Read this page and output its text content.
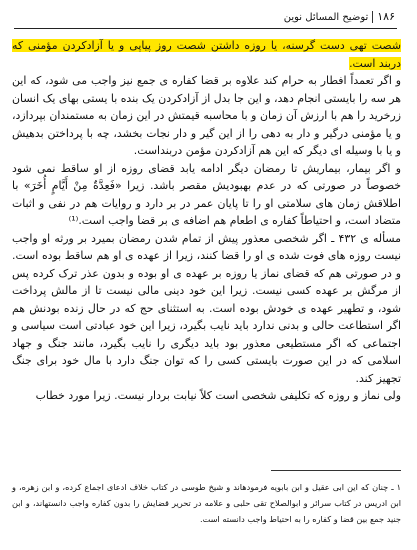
۱۸۶توضیح المسائل نوین

شصت تهی دست گرسنه، یا روزه داشتن شصت روز پیاپی و یا آزادکردن مؤمنی که دربند است.

و اگر تعمداً افطار به حرام کند علاوه بر قضا کفاره ی جمع نیز واجب می شود، که این هر سه را بایستی انجام دهد، و این جا بدل از آزادکردن یک بنده با یستی بهای یک انسان زرخرید را هم با ارزش آن زمان و با محاسبه قیمتش در این زمان به مستمندان بپردازد، و یا مؤمنی درگیر و دار به دهی را از این گیر و دار نجات بخشد، چه با پرداختن بدهیش و یا با وسیله ای دیگر که این هم آزادکردن مؤمن دربنداست.

و اگر بیمار، بیماریش تا رمضان دیگر ادامه یابد قضای روزه از او ساقط نمی شود خصوصاً در صورتی که در عدم بهبودیش مقصر باشد. زیرا «فَعِدَّةٌ مِنْ أَيَّامٍ أُخَرَ» با اطلاقش زمان های سلامتی او را تا پایان عمر در بر دارد و روایات هم در نفی و اثبات متضاد است، و احتیاطاً کفاره ی اطعام هم اضافه ی بر قضا واجب است.⁽¹⁾

مسأله ی ۴۳۲ ـ اگر شخصی معذور پیش از تمام شدن رمضان بمیرد بر ورثه او واجب نیست روزه های فوت شده ی او را قضا کنند، زیرا از عهده ی او هم ساقط بوده است. و در صورتی هم که قضای نماز یا روزه بر عهده ی او بوده و بدون عذر ترک کرده پس از مرگش بر عهده کسی نیست. زیرا این خود دینی مالی نیست تا از مالش پرداخت شود، و تطهیر عهده ی خودش بوده است. به استثنای حج که در حال زنده بودنش هم اگر استطاعت حالی و بدنی ندارد باید نایب بگیرد، زیرا این خود عبادتی است سیاسی و اجتماعی که اگر مستطیعی معذور بود باید دیگری را نایب بگیرد، مانند جنگ و جهاد اسلامی که در این صورت بایستی کسی را که توان جنگ دارد با مال خود برای جنگ تجهیز کند.

ولی نماز و روزه که تکلیفی شخصی است کلاً نیابت بردار نیست. زیرا مورد خطاب

۱ ـ چنان که این ابی عقیل و ابن بابویه فرمودهاند و شیخ طوسی در کتاب خلاف ادعای اجماع کرده، و ابن زهره، و ابن ادریس در کتاب سرائر و ابوالصلاح تقی حلبی و علامه در تحریر قضایش را بدون کفاره واجب دانستهاند، و ابن جنید جمع بین قضا و کفاره را به احتیاط واجب دانسته است.
